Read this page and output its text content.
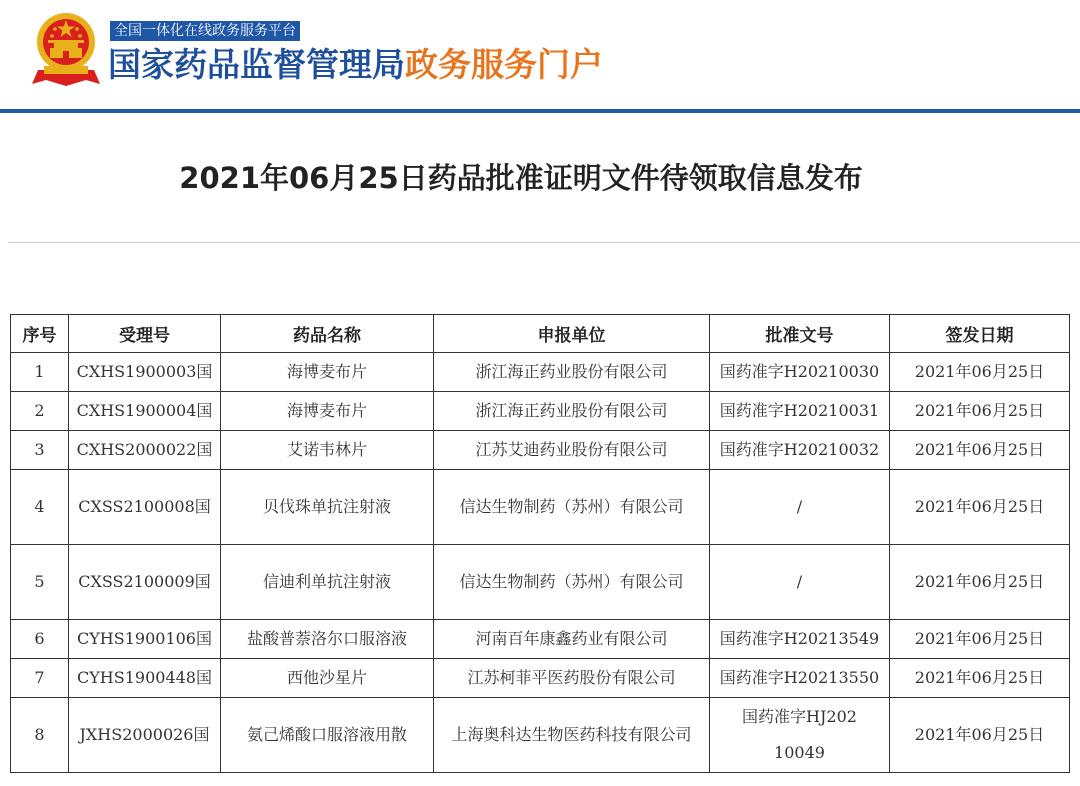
全国一体化在线政务服务平台
国家药品监督管理局政务服务门户
2021年06月25日药品批准证明文件待领取信息发布
序号	受理号	药品名称	申报单位	批准文号	签发日期
1	CXHS1900003国	海博麦布片	浙江海正药业股份有限公司	国药准字H20210030	2021年06月25日
2	CXHS1900004国	海博麦布片	浙江海正药业股份有限公司	国药准字H20210031	2021年06月25日
3	CXHS2000022国	艾诺韦林片	江苏艾迪药业股份有限公司	国药准字H20210032	2021年06月25日
4	CXSS2100008国	贝伐珠单抗注射液	信达生物制药（苏州）有限公司	/	2021年06月25日
5	CXSS2100009国	信迪利单抗注射液	信达生物制药（苏州）有限公司	/	2021年06月25日
6	CYHS1900106国	盐酸普萘洛尔口服溶液	河南百年康鑫药业有限公司	国药准字H20213549	2021年06月25日
7	CYHS1900448国	西他沙星片	江苏柯菲平医药股份有限公司	国药准字H20213550	2021年06月25日
8	JXHS2000026国	氨己烯酸口服溶液用散	上海奥科达生物医药科技有限公司	国药准字HJ20210049	2021年06月25日
